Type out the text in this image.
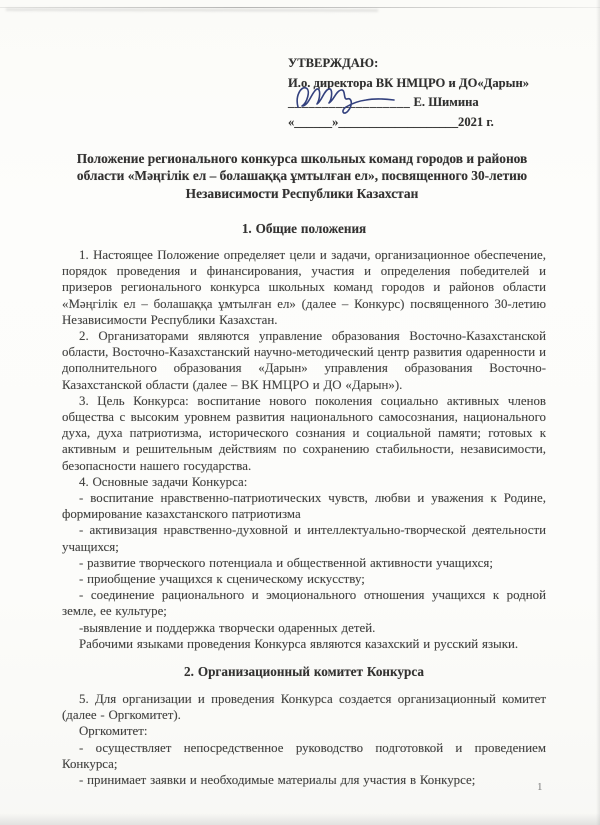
УТВЕРЖДАЮ:
И.о. директора ВК НМЦРО и ДО«Дарын»
__________________ Е. Шимина
«______»___________________2021 г.
Положение регионального конкурса школьных команд городов и районов области «Мәңгілік ел – болашаққа ұмтылған ел», посвященного 30-летию Независимости Республики Казахстан
1. Общие положения

1. Настоящее Положение определяет цели и задачи, организационное обеспечение, порядок проведения и финансирования, участия и определения победителей и призеров регионального конкурса школьных команд городов и районов области «Мәңгілік ел – болашаққа ұмтылған ел» (далее – Конкурс) посвященного 30-летию Независимости Республики Казахстан.

2. Организаторами являются управление образования Восточно-Казахстанской области, Восточно-Казахстанский научно-методический центр развития одаренности и дополнительного образования «Дарын» управления образования Восточно-Казахстанской области (далее – ВК НМЦРО и ДО «Дарын»).

3. Цель Конкурса: воспитание нового поколения социально активных членов общества с высоким уровнем развития национального самосознания, национального духа, духа патриотизма, исторического сознания и социальной памяти; готовых к активным и решительным действиям по сохранению стабильности, независимости, безопасности нашего государства.

4. Основные задачи Конкурса:

- воспитание нравственно-патриотических чувств, любви и уважения к Родине, формирование казахстанского патриотизма

- активизация нравственно-духовной и интеллектуально-творческой деятельности учащихся;

- развитие творческого потенциала и общественной активности учащихся;

- приобщение учащихся к сценическому искусству;

- соединение рационального и эмоционального отношения учащихся к родной земле, ее культуре;

-выявление и поддержка творчески одаренных детей.

Рабочими языками проведения Конкурса являются казахский и русский языки.

2. Организационный комитет Конкурса

5. Для организации и проведения Конкурса создается организационный комитет (далее - Оргкомитет).

Оргкомитет:

- осуществляет непосредственное руководство подготовкой и проведением Конкурса;

- принимает заявки и необходимые материалы для участия в Конкурсе;	1
